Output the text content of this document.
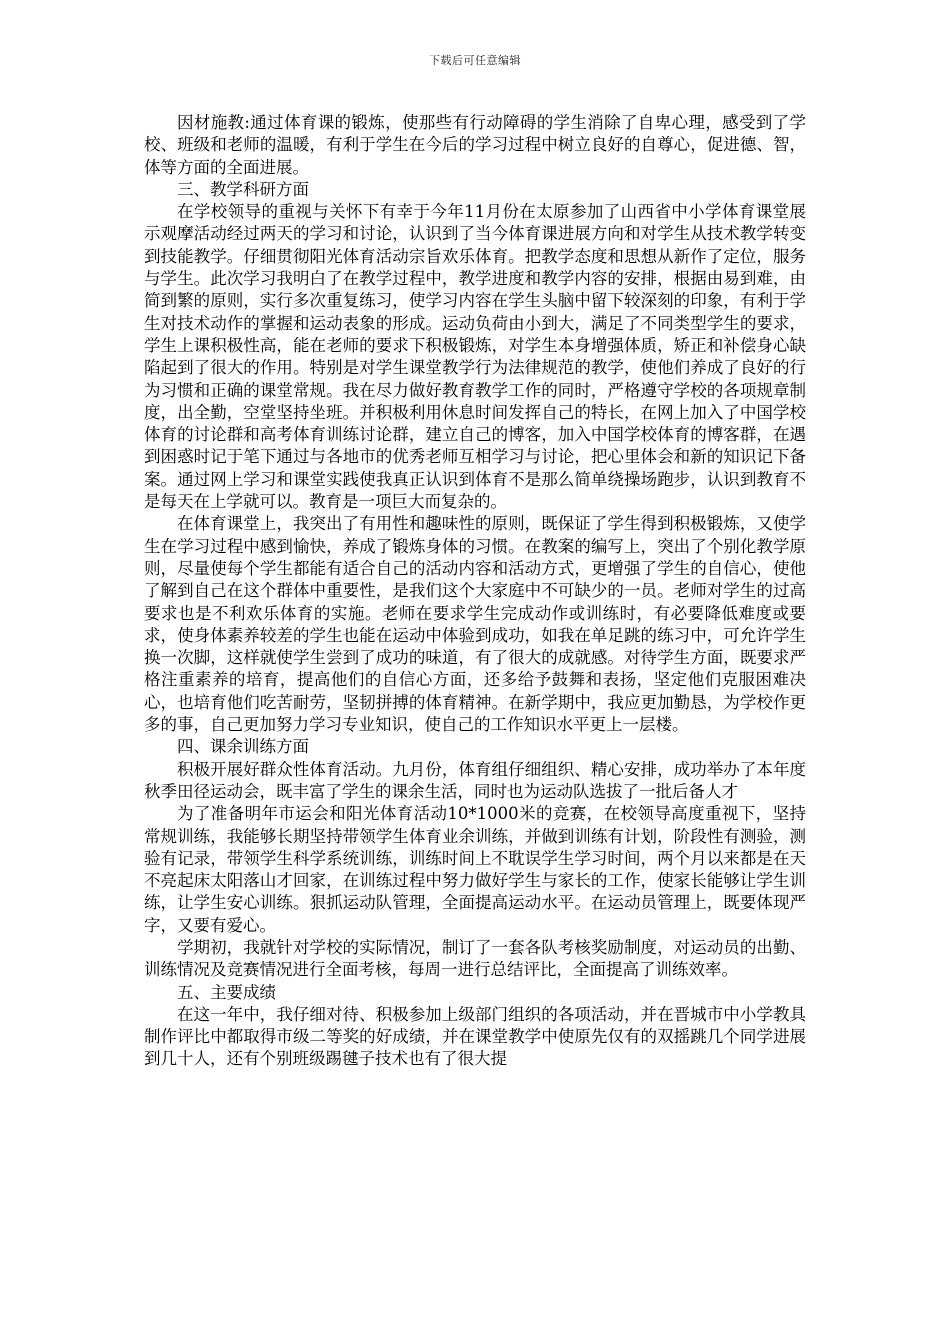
下载后可任意编辑

因材施教:通过体育课的锻炼，使那些有行动障碍的学生消除了自卑心理，感受到了学校、班级和老师的温暖，有利于学生在今后的学习过程中树立良好的自尊心，促进德、智，体等方面的全面进展。

三、教学科研方面

在学校领导的重视与关怀下有幸于今年11月份在太原参加了山西省中小学体育课堂展示观摩活动经过两天的学习和讨论，认识到了当今体育课进展方向和对学生从技术教学转变到技能教学。仔细贯彻阳光体育活动宗旨欢乐体育。把教学态度和思想从新作了定位，服务与学生。此次学习我明白了在教学过程中，教学进度和教学内容的安排，根据由易到难，由简到繁的原则，实行多次重复练习，使学习内容在学生头脑中留下较深刻的印象，有利于学生对技术动作的掌握和运动表象的形成。运动负荷由小到大，满足了不同类型学生的要求，学生上课积极性高，能在老师的要求下积极锻炼，对学生本身增强体质，矫正和补偿身心缺陷起到了很大的作用。特别是对学生课堂教学行为法律规范的教学，使他们养成了良好的行为习惯和正确的课堂常规。我在尽力做好教育教学工作的同时，严格遵守学校的各项规章制度，出全勤，空堂坚持坐班。并积极利用休息时间发挥自己的特长，在网上加入了中国学校体育的讨论群和高考体育训练讨论群，建立自己的博客，加入中国学校体育的博客群，在遇到困惑时记于笔下通过与各地市的优秀老师互相学习与讨论，把心里体会和新的知识记下备案。通过网上学习和课堂实践使我真正认识到体育不是那么简单绕操场跑步，认识到教育不是每天在上学就可以。教育是一项巨大而复杂的。

在体育课堂上，我突出了有用性和趣味性的原则，既保证了学生得到积极锻炼，又使学生在学习过程中感到愉快，养成了锻炼身体的习惯。在教案的编写上，突出了个别化教学原则，尽量使每个学生都能有适合自己的活动内容和活动方式，更增强了学生的自信心，使他了解到自己在这个群体中重要性，是我们这个大家庭中不可缺少的一员。老师对学生的过高要求也是不利欢乐体育的实施。老师在要求学生完成动作或训练时，有必要降低难度或要求，使身体素养较差的学生也能在运动中体验到成功，如我在单足跳的练习中，可允许学生换一次脚，这样就使学生尝到了成功的味道，有了很大的成就感。对待学生方面，既要求严格注重素养的培育，提高他们的自信心方面，还多给予鼓舞和表扬，坚定他们克服困难决心，也培育他们吃苦耐劳，坚韧拼搏的体育精神。在新学期中，我应更加勤恳，为学校作更多的事，自己更加努力学习专业知识，使自己的工作知识水平更上一层楼。

四、课余训练方面

积极开展好群众性体育活动。九月份，体育组仔细组织、精心安排，成功举办了本年度秋季田径运动会，既丰富了学生的课余生活，同时也为运动队选拔了一批后备人才

为了准备明年市运会和阳光体育活动10*1000米的竞赛，在校领导高度重视下，坚持常规训练，我能够长期坚持带领学生体育业余训练，并做到训练有计划，阶段性有测验，测验有记录，带领学生科学系统训练，训练时间上不耽误学生学习时间，两个月以来都是在天不亮起床太阳落山才回家，在训练过程中努力做好学生与家长的工作，使家长能够让学生训练，让学生安心训练。狠抓运动队管理，全面提高运动水平。在运动员管理上，既要体现严字，又要有爱心。

学期初，我就针对学校的实际情况，制订了一套各队考核奖励制度，对运动员的出勤、训练情况及竞赛情况进行全面考核，每周一进行总结评比，全面提高了训练效率。

五、主要成绩

在这一年中，我仔细对待、积极参加上级部门组织的各项活动，并在晋城市中小学教具制作评比中都取得市级二等奖的好成绩，并在课堂教学中使原先仅有的双摇跳几个同学进展到几十人，还有个别班级踢毽子技术也有了很大提
